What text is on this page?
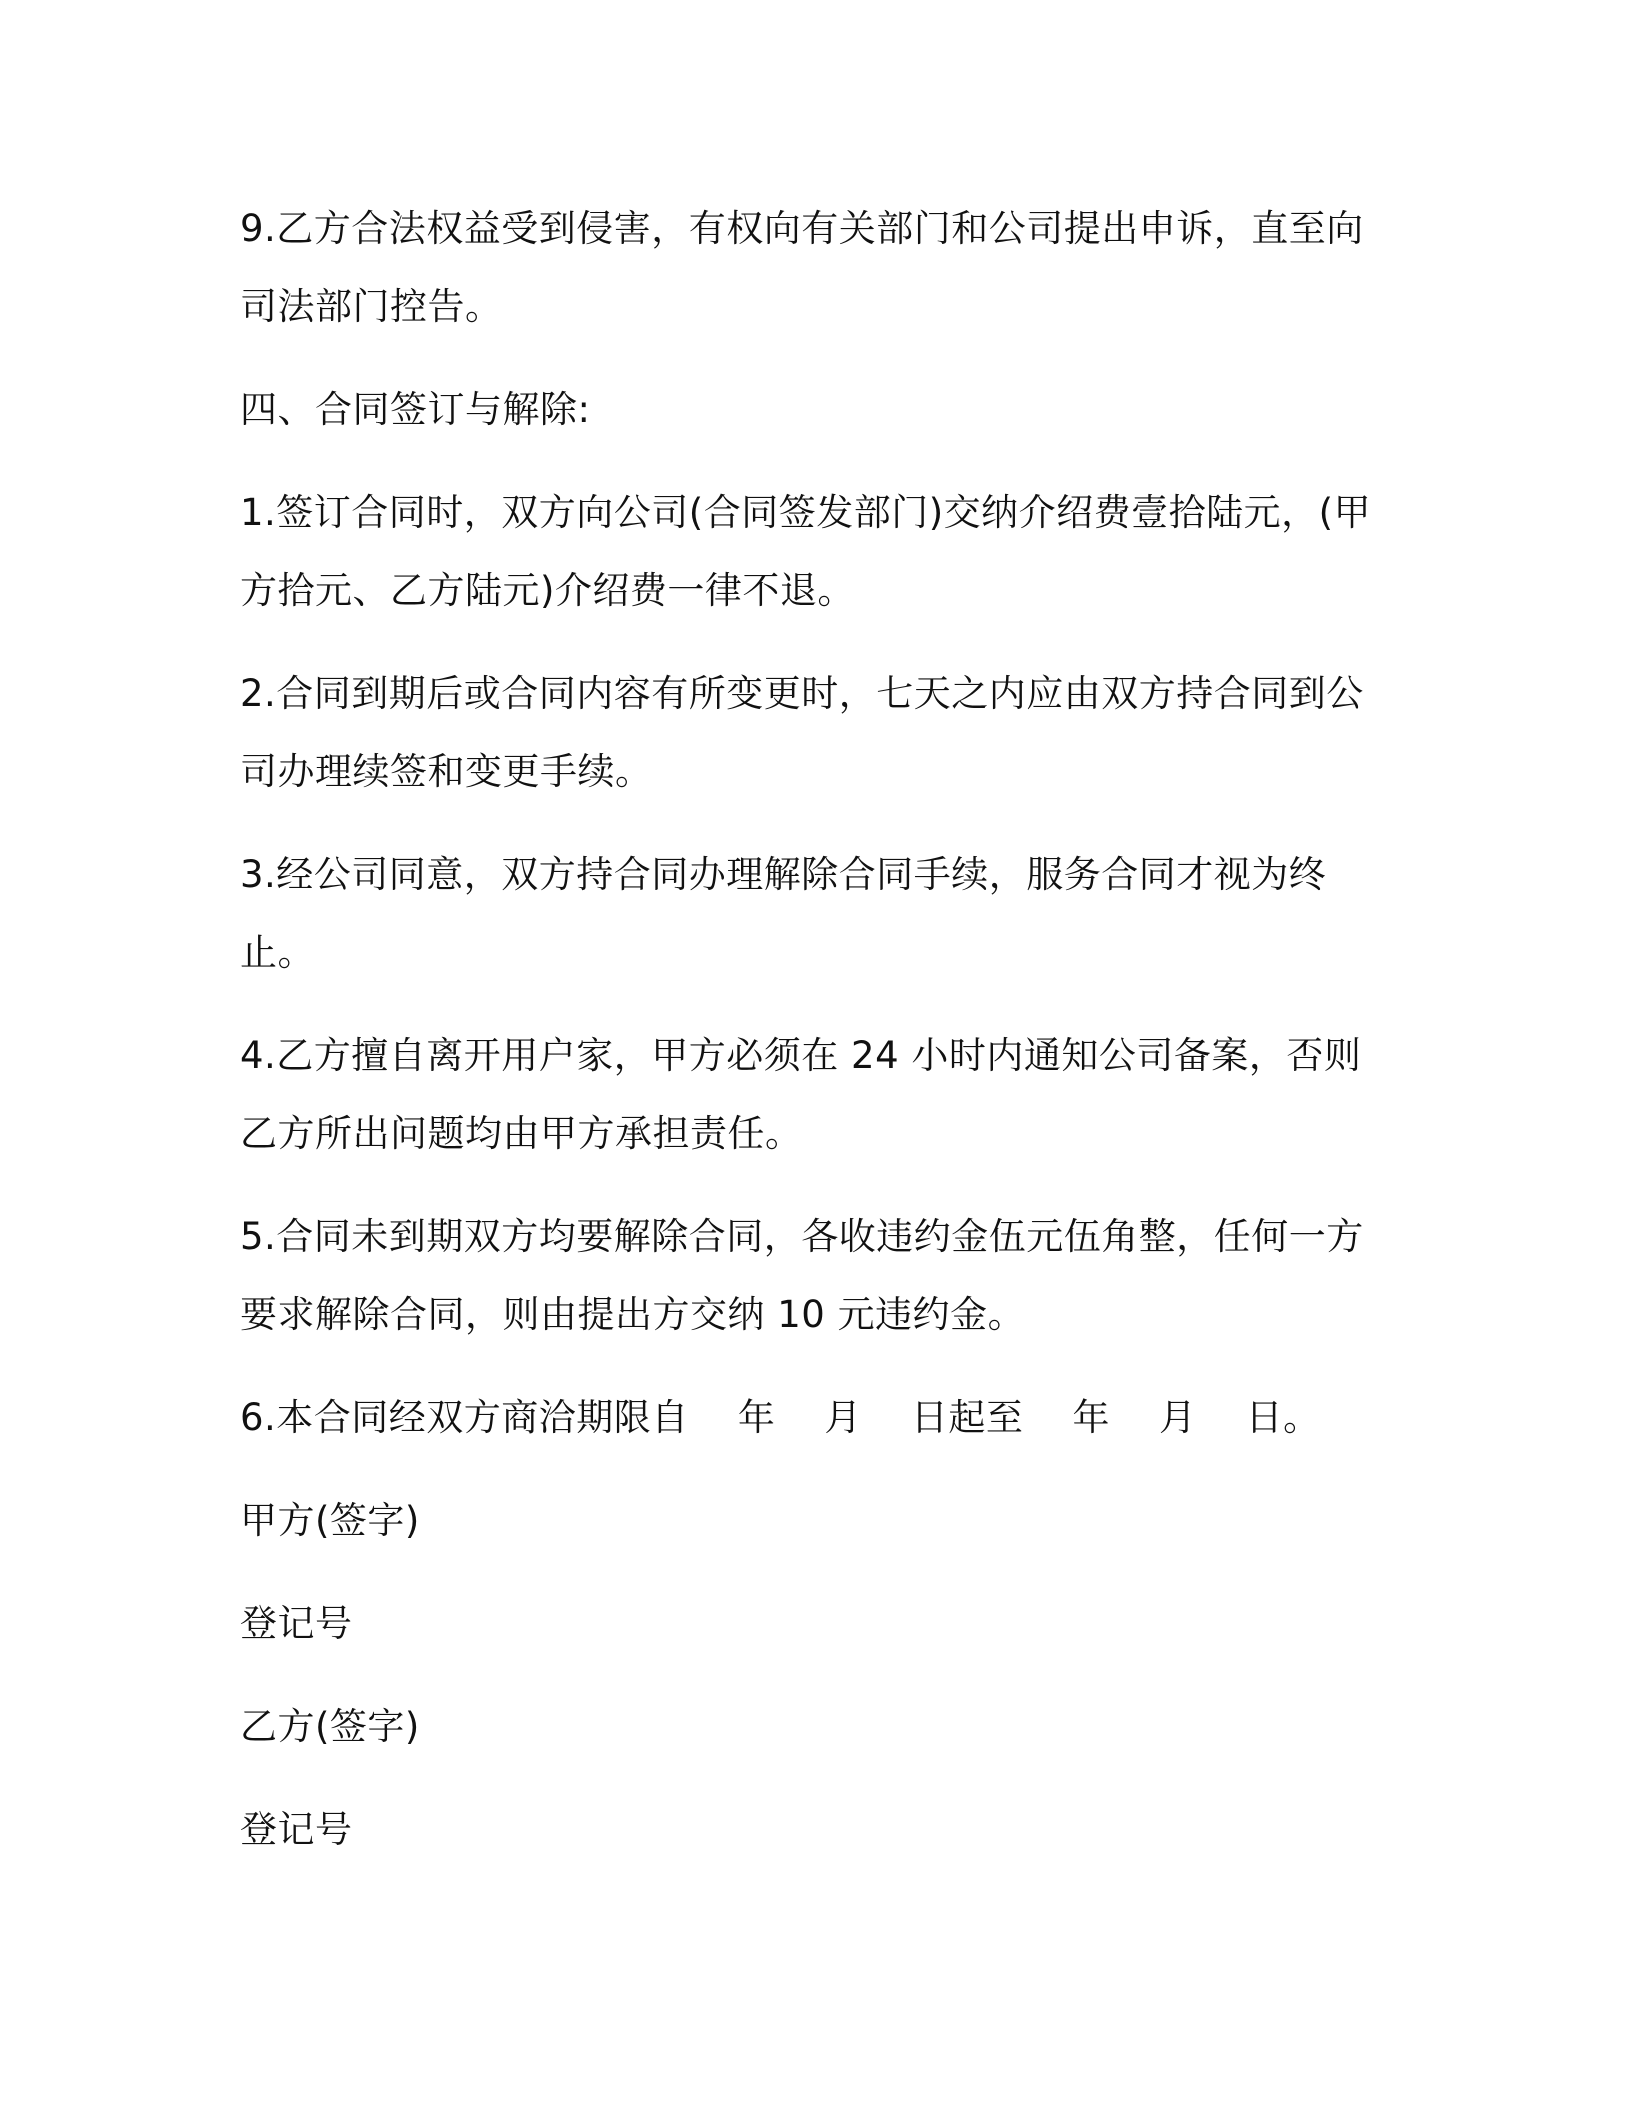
9.乙方合法权益受到侵害，有权向有关部门和公司提出申诉，直至向司法部门控告。

四、合同签订与解除:

1.签订合同时，双方向公司(合同签发部门)交纳介绍费壹拾陆元，(甲方拾元、乙方陆元)介绍费一律不退。

2.合同到期后或合同内容有所变更时，七天之内应由双方持合同到公司办理续签和变更手续。

3.经公司同意，双方持合同办理解除合同手续，服务合同才视为终止。

4.乙方擅自离开用户家，甲方必须在 24 小时内通知公司备案，否则乙方所出问题均由甲方承担责任。

5.合同未到期双方均要解除合同，各收违约金伍元伍角整，任何一方要求解除合同，则由提出方交纳 10 元违约金。

6.本合同经双方商洽期限自    年    月    日起至    年    月    日。

甲方(签字)

登记号

乙方(签字)

登记号
